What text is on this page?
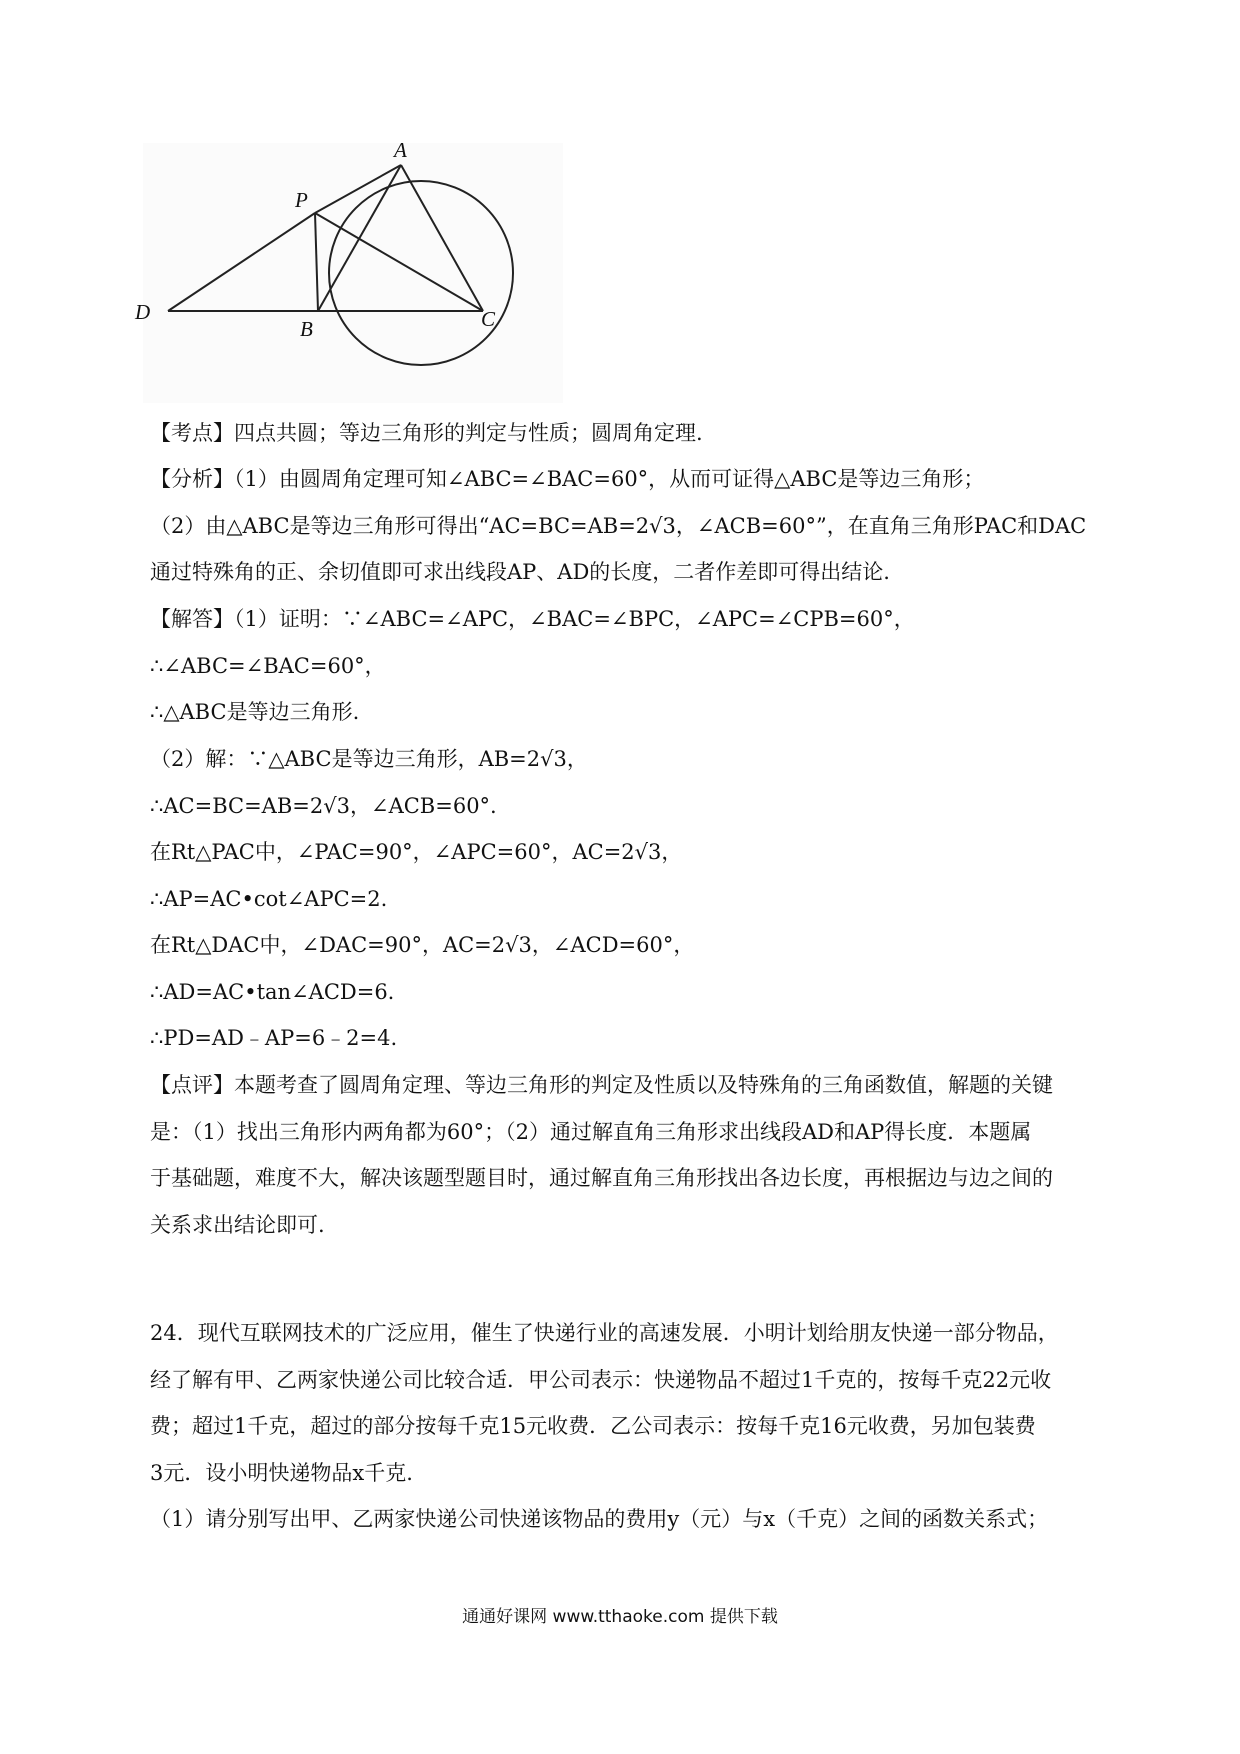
A
P
D
B	C

【考点】四点共圆；等边三角形的判定与性质；圆周角定理.

【分析】（1）由圆周角定理可知∠ABC=∠BAC=60°，从而可证得△ABC是等边三角形；

（2）由△ABC是等边三角形可得出“AC=BC=AB=2√3，∠ACB=60°”，在直角三角形PAC和DAC

通过特殊角的正、余切值即可求出线段AP、AD的长度，二者作差即可得出结论.

【解答】（1）证明：∵∠ABC=∠APC，∠BAC=∠BPC，∠APC=∠CPB=60°，

∴∠ABC=∠BAC=60°，

∴△ABC是等边三角形.

（2）解：∵△ABC是等边三角形，AB=2√3，

∴AC=BC=AB=2√3，∠ACB=60°.

在Rt△PAC中，∠PAC=90°，∠APC=60°，AC=2√3，

∴AP=AC•cot∠APC=2.

在Rt△DAC中，∠DAC=90°，AC=2√3，∠ACD=60°，

∴AD=AC•tan∠ACD=6.

∴PD=AD﹣AP=6﹣2=4.

【点评】本题考查了圆周角定理、等边三角形的判定及性质以及特殊角的三角函数值，解题的关键

是：（1）找出三角形内两角都为60°；（2）通过解直角三角形求出线段AD和AP得长度．本题属

于基础题，难度不大，解决该题型题目时，通过解直角三角形找出各边长度，再根据边与边之间的

关系求出结论即可.

24．现代互联网技术的广泛应用，催生了快递行业的高速发展．小明计划给朋友快递一部分物品，

经了解有甲、乙两家快递公司比较合适．甲公司表示：快递物品不超过1千克的，按每千克22元收

费；超过1千克，超过的部分按每千克15元收费．乙公司表示：按每千克16元收费，另加包装费

3元．设小明快递物品x千克.

（1）请分别写出甲、乙两家快递公司快递该物品的费用y（元）与x（千克）之间的函数关系式；

通通好课网 www.tthaoke.com 提供下载
